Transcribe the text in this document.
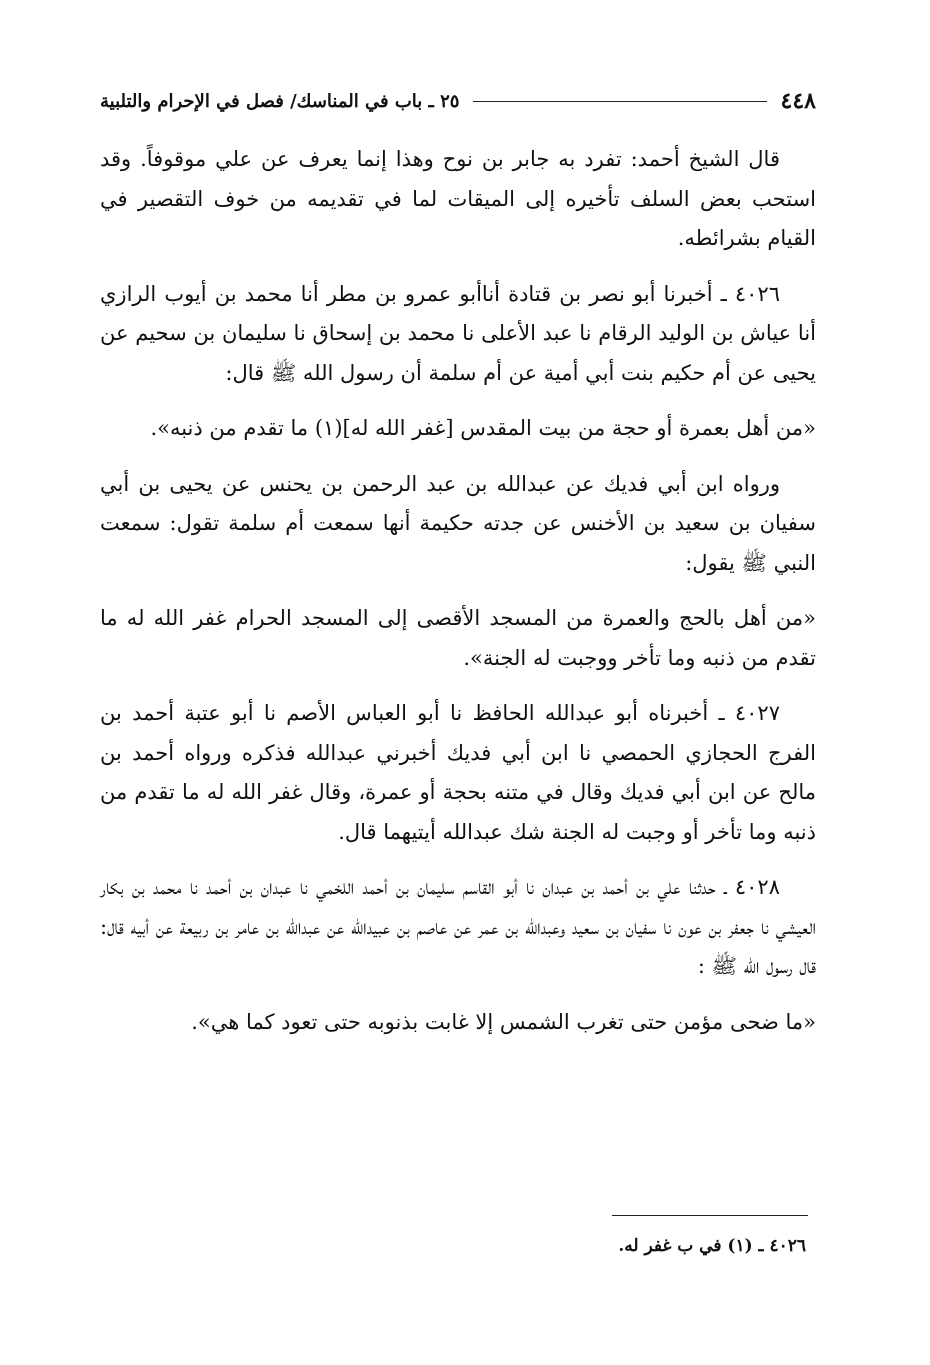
٤٤٨
٢٥ ـ باب في المناسك/ فصل في الإحرام والتلبية

قال الشيخ أحمد: تفرد به جابر بن نوح وهذا إنما يعرف عن علي موقوفاً. وقد استحب بعض السلف تأخيره إلى الميقات لما في تقديمه من خوف التقصير في القيام بشرائطه.

٤٠٢٦ ـ أخبرنا أبو نصر بن قتادة أناأبو عمرو بن مطر أنا محمد بن أيوب الرازي أنا عياش بن الوليد الرقام نا عبد الأعلى نا محمد بن إسحاق نا سليمان بن سحيم عن يحيى عن أم حكيم بنت أبي أمية عن أم سلمة أن رسول الله ﷺ قال:

«من أهل بعمرة أو حجة من بيت المقدس [غفر الله له](١) ما تقدم من ذنبه».

ورواه ابن أبي فديك عن عبدالله بن عبد الرحمن بن يحنس عن يحيى بن أبي سفيان بن سعيد بن الأخنس عن جدته حكيمة أنها سمعت أم سلمة تقول: سمعت النبي ﷺ يقول:

«من أهل بالحج والعمرة من المسجد الأقصى إلى المسجد الحرام غفر الله له ما تقدم من ذنبه وما تأخر ووجبت له الجنة».

٤٠٢٧ ـ أخبرناه أبو عبدالله الحافظ نا أبو العباس الأصم نا أبو عتبة أحمد بن الفرج الحجازي الحمصي نا ابن أبي فديك أخبرني عبدالله فذكره ورواه أحمد بن مالح عن ابن أبي فديك وقال في متنه بحجة أو عمرة، وقال غفر الله له ما تقدم من ذنبه وما تأخر أو وجبت له الجنة شك عبدالله أيتيهما قال.

٤٠٢٨ ـ حدثنا علي بن أحمد بن عبدان نا أبو القاسم سليمان بن أحمد اللخمي نا عبدان بن أحمد نا محمد بن بكار العيشي نا جعفر بن عون نا سفيان بن سعيد وعبدالله بن عمر عن عاصم بن عبيدالله عن عبدالله بن عامر بن ربيعة عن أبيه قال: قال رسول الله ﷺ :

«ما ضحى مؤمن حتى تغرب الشمس إلا غابت بذنوبه حتى تعود كما هي».

٤٠٢٦ ـ (١) في ب غفر له.
